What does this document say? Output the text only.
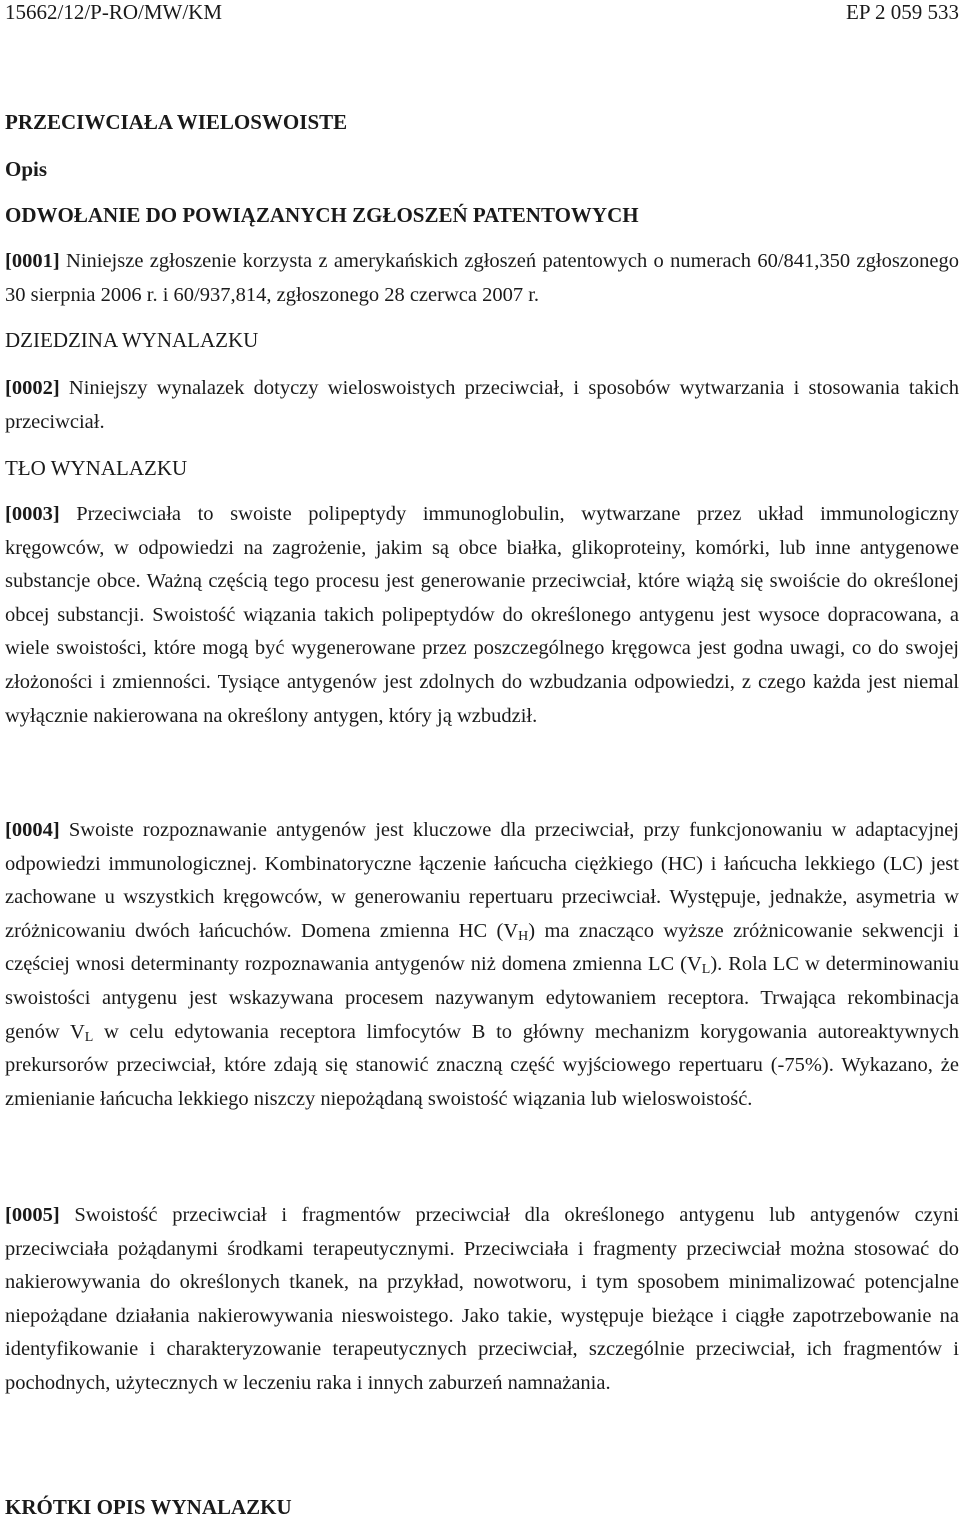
15662/12/P-RO/MW/KM	EP 2 059 533
PRZECIWCIAŁA WIELOSWOISTE
Opis
ODWOŁANIE DO POWIĄZANYCH ZGŁOSZEŃ PATENTOWYCH
[0001] Niniejsze zgłoszenie korzysta z amerykańskich zgłoszeń patentowych o numerach 60/841,350 zgłoszonego 30 sierpnia 2006 r. i 60/937,814, zgłoszonego 28 czerwca 2007 r.
DZIEDZINA WYNALAZKU
[0002] Niniejszy wynalazek dotyczy wieloswoistych przeciwciał, i sposobów wytwarzania i stosowania takich przeciwciał.
TŁO WYNALAZKU
[0003] Przeciwciała to swoiste polipeptydy immunoglobulin, wytwarzane przez układ immunologiczny kręgowców, w odpowiedzi na zagrożenie, jakim są obce białka, glikoproteiny, komórki, lub inne antygenowe substancje obce. Ważną częścią tego procesu jest generowanie przeciwciał, które wiążą się swoiście do określonej obcej substancji. Swoistość wiązania takich polipeptydów do określonego antygenu jest wysoce dopracowana, a wiele swoistości, które mogą być wygenerowane przez poszczególnego kręgowca jest godna uwagi, co do swojej złożoności i zmienności. Tysiące antygenów jest zdolnych do wzbudzania odpowiedzi, z czego każda jest niemal wyłącznie nakierowana na określony antygen, który ją wzbudził.
[0004] Swoiste rozpoznawanie antygenów jest kluczowe dla przeciwciał, przy funkcjonowaniu w adaptacyjnej odpowiedzi immunologicznej. Kombinatoryczne łączenie łańcucha ciężkiego (HC) i łańcucha lekkiego (LC) jest zachowane u wszystkich kręgowców, w generowaniu repertuaru przeciwciał. Występuje, jednakże, asymetria w zróżnicowaniu dwóch łańcuchów. Domena zmienna HC $(V_H)$ ma znacząco wyższe zróżnicowanie sekwencji i częściej wnosi determinanty rozpoznawania antygenów niż domena zmienna LC $(V_L)$. Rola LC w determinowaniu swoistości antygenu jest wskazywana procesem nazywanym edytowaniem receptora. Trwająca rekombinacja genów $V_L$ w celu edytowania receptora limfocytów B to główny mechanizm korygowania autoreaktywnych prekursorów przeciwciał, które zdają się stanowić znaczną część wyjściowego repertuaru (-75%). Wykazano, że zmienianie łańcucha lekkiego niszczy niepożądaną swoistość wiązania lub wieloswoistość.
[0005] Swoistość przeciwciał i fragmentów przeciwciał dla określonego antygenu lub antygenów czyni przeciwciała pożądanymi środkami terapeutycznymi. Przeciwciała i fragmenty przeciwciał można stosować do nakierowywania do określonych tkanek, na przykład, nowotworu, i tym sposobem minimalizować potencjalne niepożądane działania nakierowywania nieswoistego. Jako takie, występuje bieżące i ciągłe zapotrzebowanie na identyfikowanie i charakteryzowanie terapeutycznych przeciwciał, szczególnie przeciwciał, ich fragmentów i pochodnych, użytecznych w leczeniu raka i innych zaburzeń namnażania.
KRÓTKI OPIS WYNALAZKU
